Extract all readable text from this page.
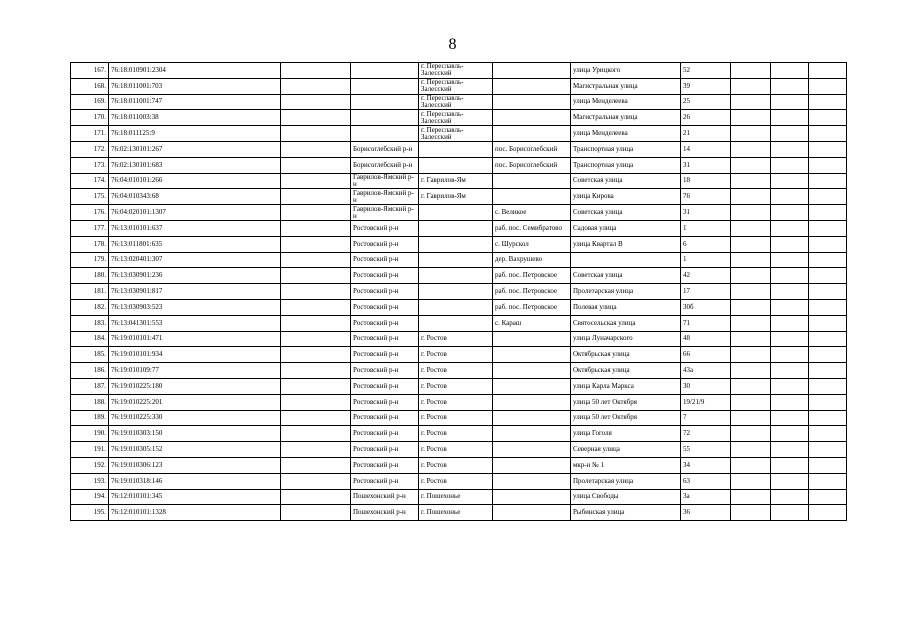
8
167.	76:18:010901:2304			г. Переславль-Залесский		улица Урицкого	52			
168.	76:18:011001:703			г. Переславль-Залесский		Магистральная улица	39			
169.	76:18:011001:747			г. Переславль-Залесский		улица Менделеева	25			
170.	76:18:011003:38			г. Переславль-Залесский		Магистральная улица	26			
171.	76:18:011125:9			г. Переславль-Залесский		улица Менделеева	21			
172.	76:02:130101:267		Борисоглебский р-н		пос. Борисоглебский	Транспортная улица	14			
173.	76:02:130101:683		Борисоглебский р-н		пос. Борисоглебский	Транспортная улица	31			
174.	76:04:010101:266		Гаврилов-Ямский р-н	г. Гаврилов-Ям		Советская улица	18			
175.	76:04:010343:68		Гаврилов-Ямский р-н	г. Гаврилов-Ям		улица Кирова	76			
176.	76:04:020101:1307		Гаврилов-Ямский р-н		с. Великое	Советская улица	31			
177.	76:13:010101:637		Ростовский р-н		раб. пос. Семибратово	Садовая улица	1			
178.	76:13:011801:635		Ростовский р-н		с. Шурскол	улица Квартал В	6			
179.	76:13:020401:307		Ростовский р-н		дер. Вахрушево		1			
180.	76:13:030901:236		Ростовский р-н		раб. пос. Петровское	Советская улица	42			
181.	76:13:030901:817		Ростовский р-н		раб. пос. Петровское	Пролетарская улица	17			
182.	76:13:030903:523		Ростовский р-н		раб. пос. Петровское	Полевая улица	30б			
183.	76:13:041301:553		Ростовский р-н		с. Караш	Святосельская улица	71			
184.	76:19:010101:471		Ростовский р-н	г. Ростов		улица Луначарского	48			
185.	76:19:010101:934		Ростовский р-н	г. Ростов		Октябрьская улица	66			
186.	76:19:010109:77		Ростовский р-н	г. Ростов		Октябрьская улица	43а			
187.	76:19:010225:180		Ростовский р-н	г. Ростов		улица Карла Маркса	30			
188.	76:19:010225:201		Ростовский р-н	г. Ростов		улица 50 лет Октября	19/21/9			
189.	76:19:010225:330		Ростовский р-н	г. Ростов		улица 50 лет Октября	7			
190.	76:19:010303:150		Ростовский р-н	г. Ростов		улица Гоголя	72			
191.	76:19:010305:152		Ростовский р-н	г. Ростов		Северная улица	55			
192.	76:19:010306:123		Ростовский р-н	г. Ростов		мкр-н № 1	34			
193.	76:19:010318:146		Ростовский р-н	г. Ростов		Пролетарская улица	63			
194.	76:12:010101:345		Пошехонский р-н	г. Пошехонье		улица Свободы	3а			
195.	76:12:010101:1328		Пошехонский р-н	г. Пошехонье		Рыбинская улица	36			
